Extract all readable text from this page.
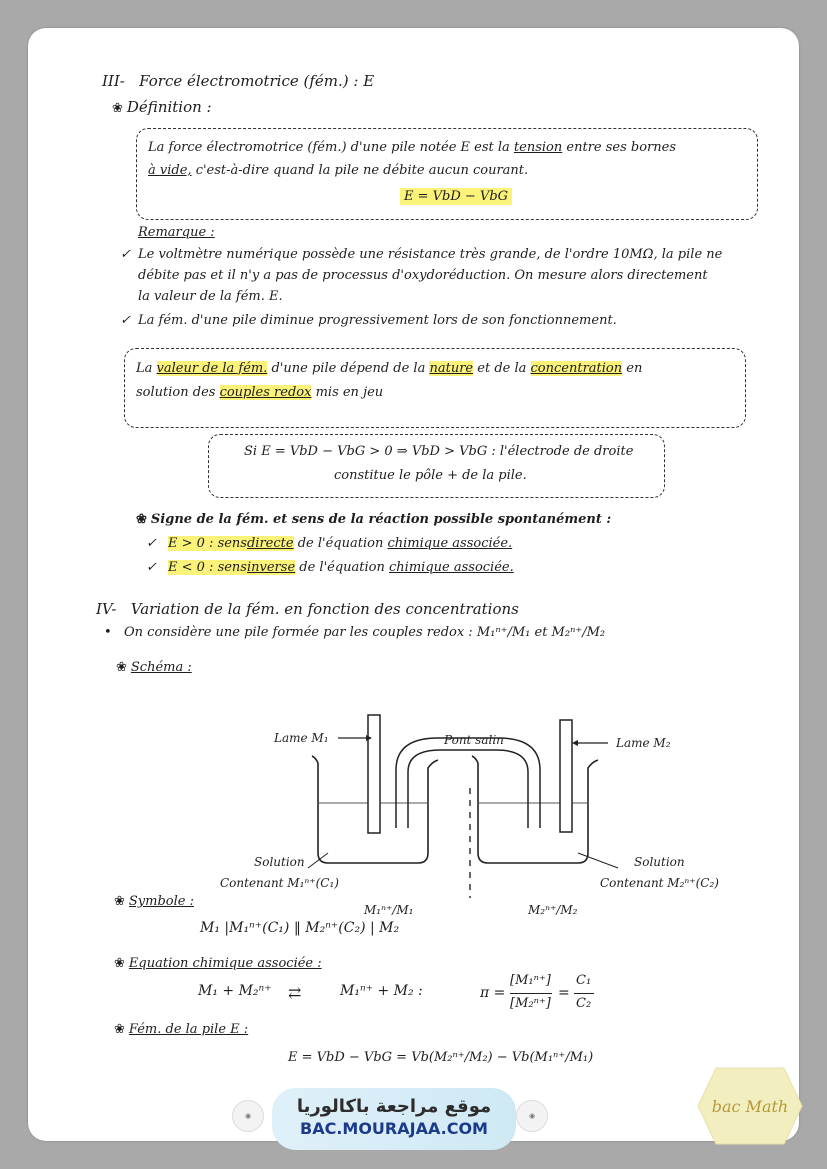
III- Force électromotrice (fém.) : E
❀ Définition :
La force électromotrice (fém.) d'une pile notée E est la tension entre ses bornes
à vide, c'est-à-dire quand la pile ne débite aucun courant.
E = VbD − VbG
Remarque :
✓ Le voltmètre numérique possède une résistance très grande, de l'ordre 10MΩ, la pile ne
débite pas et il n'y a pas de processus d'oxydoréduction. On mesure alors directement
la valeur de la fém. E.
✓ La fém. d'une pile diminue progressivement lors de son fonctionnement.
La valeur de la fém. d'une pile dépend de la nature et de la concentration en
solution des couples redox mis en jeu
Si E = VbD − VbG > 0 ⇒ VbD > VbG : l'électrode de droite
constitue le pôle + de la pile.
❀ Signe de la fém. et sens de la réaction possible spontanément :
✓ E > 0 : sensdirecte de l'équation chimique associée.
✓ E < 0 : sensinverse de l'équation chimique associée.
IV- Variation de la fém. en fonction des concentrations
• On considère une pile formée par les couples redox : M₁ⁿ⁺/M₁ et M₂ⁿ⁺/M₂
❀ Schéma :
Lame M₁	Lame M₂
Pont salin
Solution
Contenant M₁ⁿ⁺(C₁)
Solution
Contenant M₂ⁿ⁺(C₂)
M₁ⁿ⁺/M₁	M₂ⁿ⁺/M₂
❀ Symbole :
M₁ |M₁ⁿ⁺(C₁) ‖ M₂ⁿ⁺(C₂) | M₂
❀ Equation chimique associée :
M₁ + M₂ⁿ⁺ ⇄	M₁ⁿ⁺ + M₂ :	π =
[M₁ⁿ⁺]
[M₂ⁿ⁺]
=
C₁
C₂
❀ Fém. de la pile E :
E = VbD − VbG = Vb(M₂ⁿ⁺/M₂) − Vb(M₁ⁿ⁺/M₁)
موقع مراجعة باكالوريا
BAC.MOURAJAA.COM
◉	◉	bac Math
